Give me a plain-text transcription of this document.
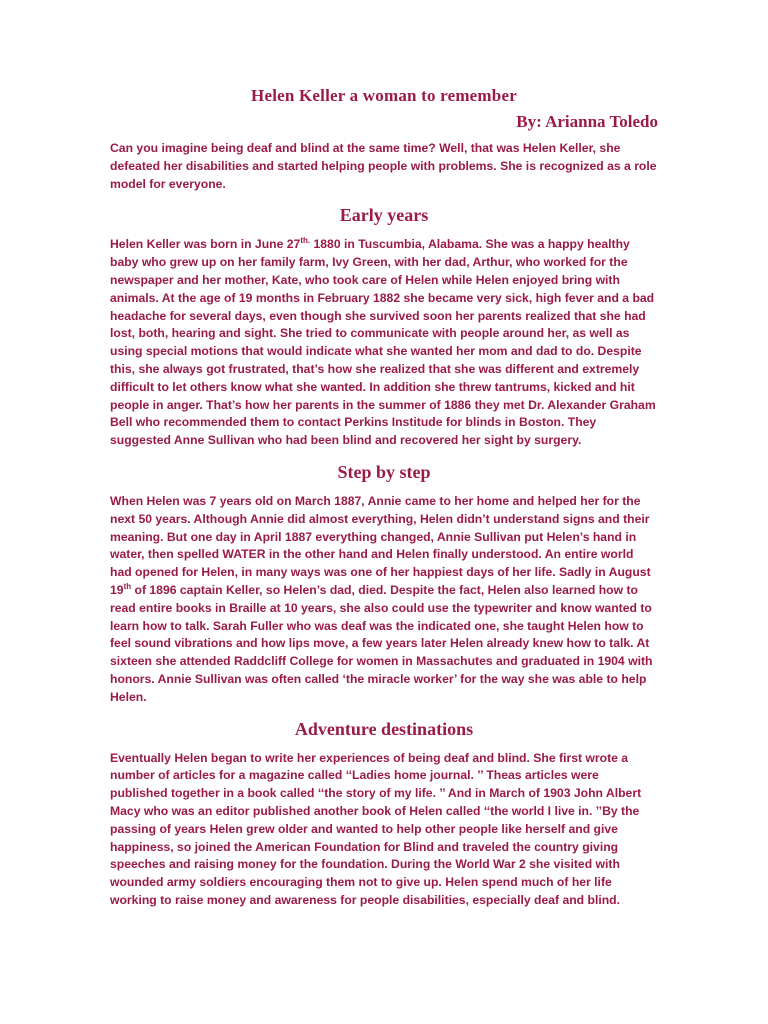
Helen Keller a woman to remember
By: Arianna Toledo

Can you imagine being deaf and blind at the same time? Well, that was Helen Keller, she defeated her disabilities and started helping people with problems. She is recognized as a role model for everyone.

Early years

Helen Keller was born in June $27^{th.}$ 1880 in Tuscumbia, Alabama. She was a happy healthy baby who grew up on her family farm, Ivy Green, with her dad, Arthur, who worked for the newspaper and her mother, Kate, who took care of Helen while Helen enjoyed bring with animals. At the age of 19 months in February 1882 she became very sick, high fever and a bad headache for several days, even though she survived soon her parents realized that she had lost, both, hearing and sight. She tried to communicate with people around her, as well as using special motions that would indicate what she wanted her mom and dad to do. Despite this, she always got frustrated, that’s how she realized that she was different and extremely difficult to let others know what she wanted. In addition she threw tantrums, kicked and hit people in anger. That’s how her parents in the summer of 1886 they met Dr. Alexander Graham Bell who recommended them to contact Perkins Institude for blinds in Boston. They suggested Anne Sullivan who had been blind and recovered her sight by surgery.

Step by step

When Helen was 7 years old on March 1887, Annie came to her home and helped her for the next 50 years. Although Annie did almost everything, Helen didn’t understand signs and their meaning. But one day in April 1887 everything changed, Annie Sullivan put Helen’s hand in water, then spelled WATER in the other hand and Helen finally understood. An entire world had opened for Helen, in many ways was one of her happiest days of her life. Sadly in August 19th of 1896 captain Keller, so Helen’s dad, died. Despite the fact, Helen also learned how to read entire books in Braille at 10 years, she also could use the typewriter and know wanted to learn how to talk. Sarah Fuller who was deaf was the indicated one, she taught Helen how to feel sound vibrations and how lips move, a few years later Helen already knew how to talk. At sixteen she attended Raddcliff College for women in Massachutes and graduated in 1904 with honors. Annie Sullivan was often called ‘the miracle worker’ for the way she was able to help Helen.

Adventure destinations

Eventually Helen began to write her experiences of being deaf and blind. She first wrote a number of articles for a magazine called ‘‘Ladies home journal. ’’ Theas articles were published together in a book called ‘‘the story of my life. ’’ And in March of 1903 John Albert Macy who was an editor published another book of Helen called ‘‘the world I live in. ’’By the passing of years Helen grew older and wanted to help other people like herself and give happiness, so joined the American Foundation for Blind and traveled the country giving speeches and raising money for the foundation. During the World War 2 she visited with wounded army soldiers encouraging them not to give up. Helen spend much of her life working to raise money and awareness for people disabilities, especially deaf and blind.
